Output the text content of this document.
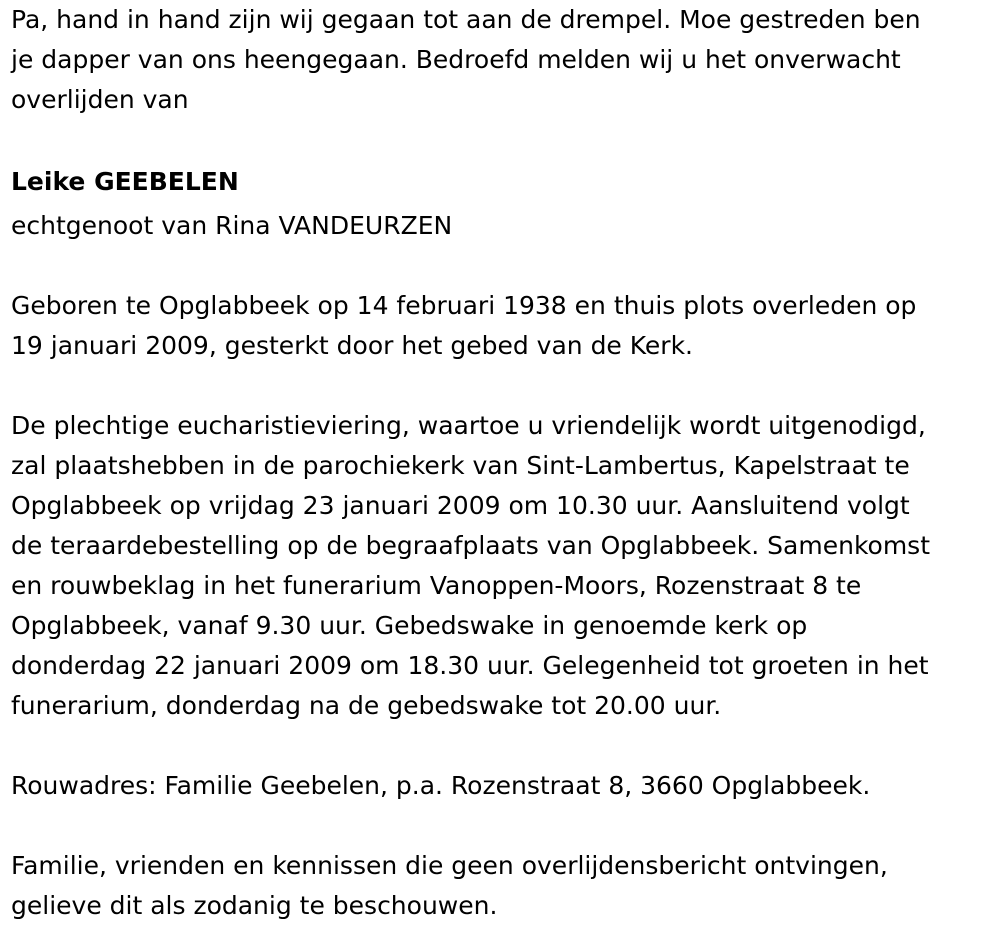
Pa, hand in hand zijn wij gegaan tot aan de drempel. Moe gestreden ben
je dapper van ons heengegaan. Bedroefd melden wij u het onverwacht
overlijden van

Leike GEEBELEN

echtgenoot van Rina VANDEURZEN

Geboren te Opglabbeek op 14 februari 1938 en thuis plots overleden op
19 januari 2009, gesterkt door het gebed van de Kerk.

De plechtige eucharistieviering, waartoe u vriendelijk wordt uitgenodigd,
zal plaatshebben in de parochiekerk van Sint-Lambertus, Kapelstraat te
Opglabbeek op vrijdag 23 januari 2009 om 10.30 uur. Aansluitend volgt
de teraardebestelling op de begraafplaats van Opglabbeek. Samenkomst
en rouwbeklag in het funerarium Vanoppen-Moors, Rozenstraat 8 te
Opglabbeek, vanaf 9.30 uur. Gebedswake in genoemde kerk op
donderdag 22 januari 2009 om 18.30 uur. Gelegenheid tot groeten in het
funerarium, donderdag na de gebedswake tot 20.00 uur.

Rouwadres: Familie Geebelen, p.a. Rozenstraat 8, 3660 Opglabbeek.

Familie, vrienden en kennissen die geen overlijdensbericht ontvingen,
gelieve dit als zodanig te beschouwen.
